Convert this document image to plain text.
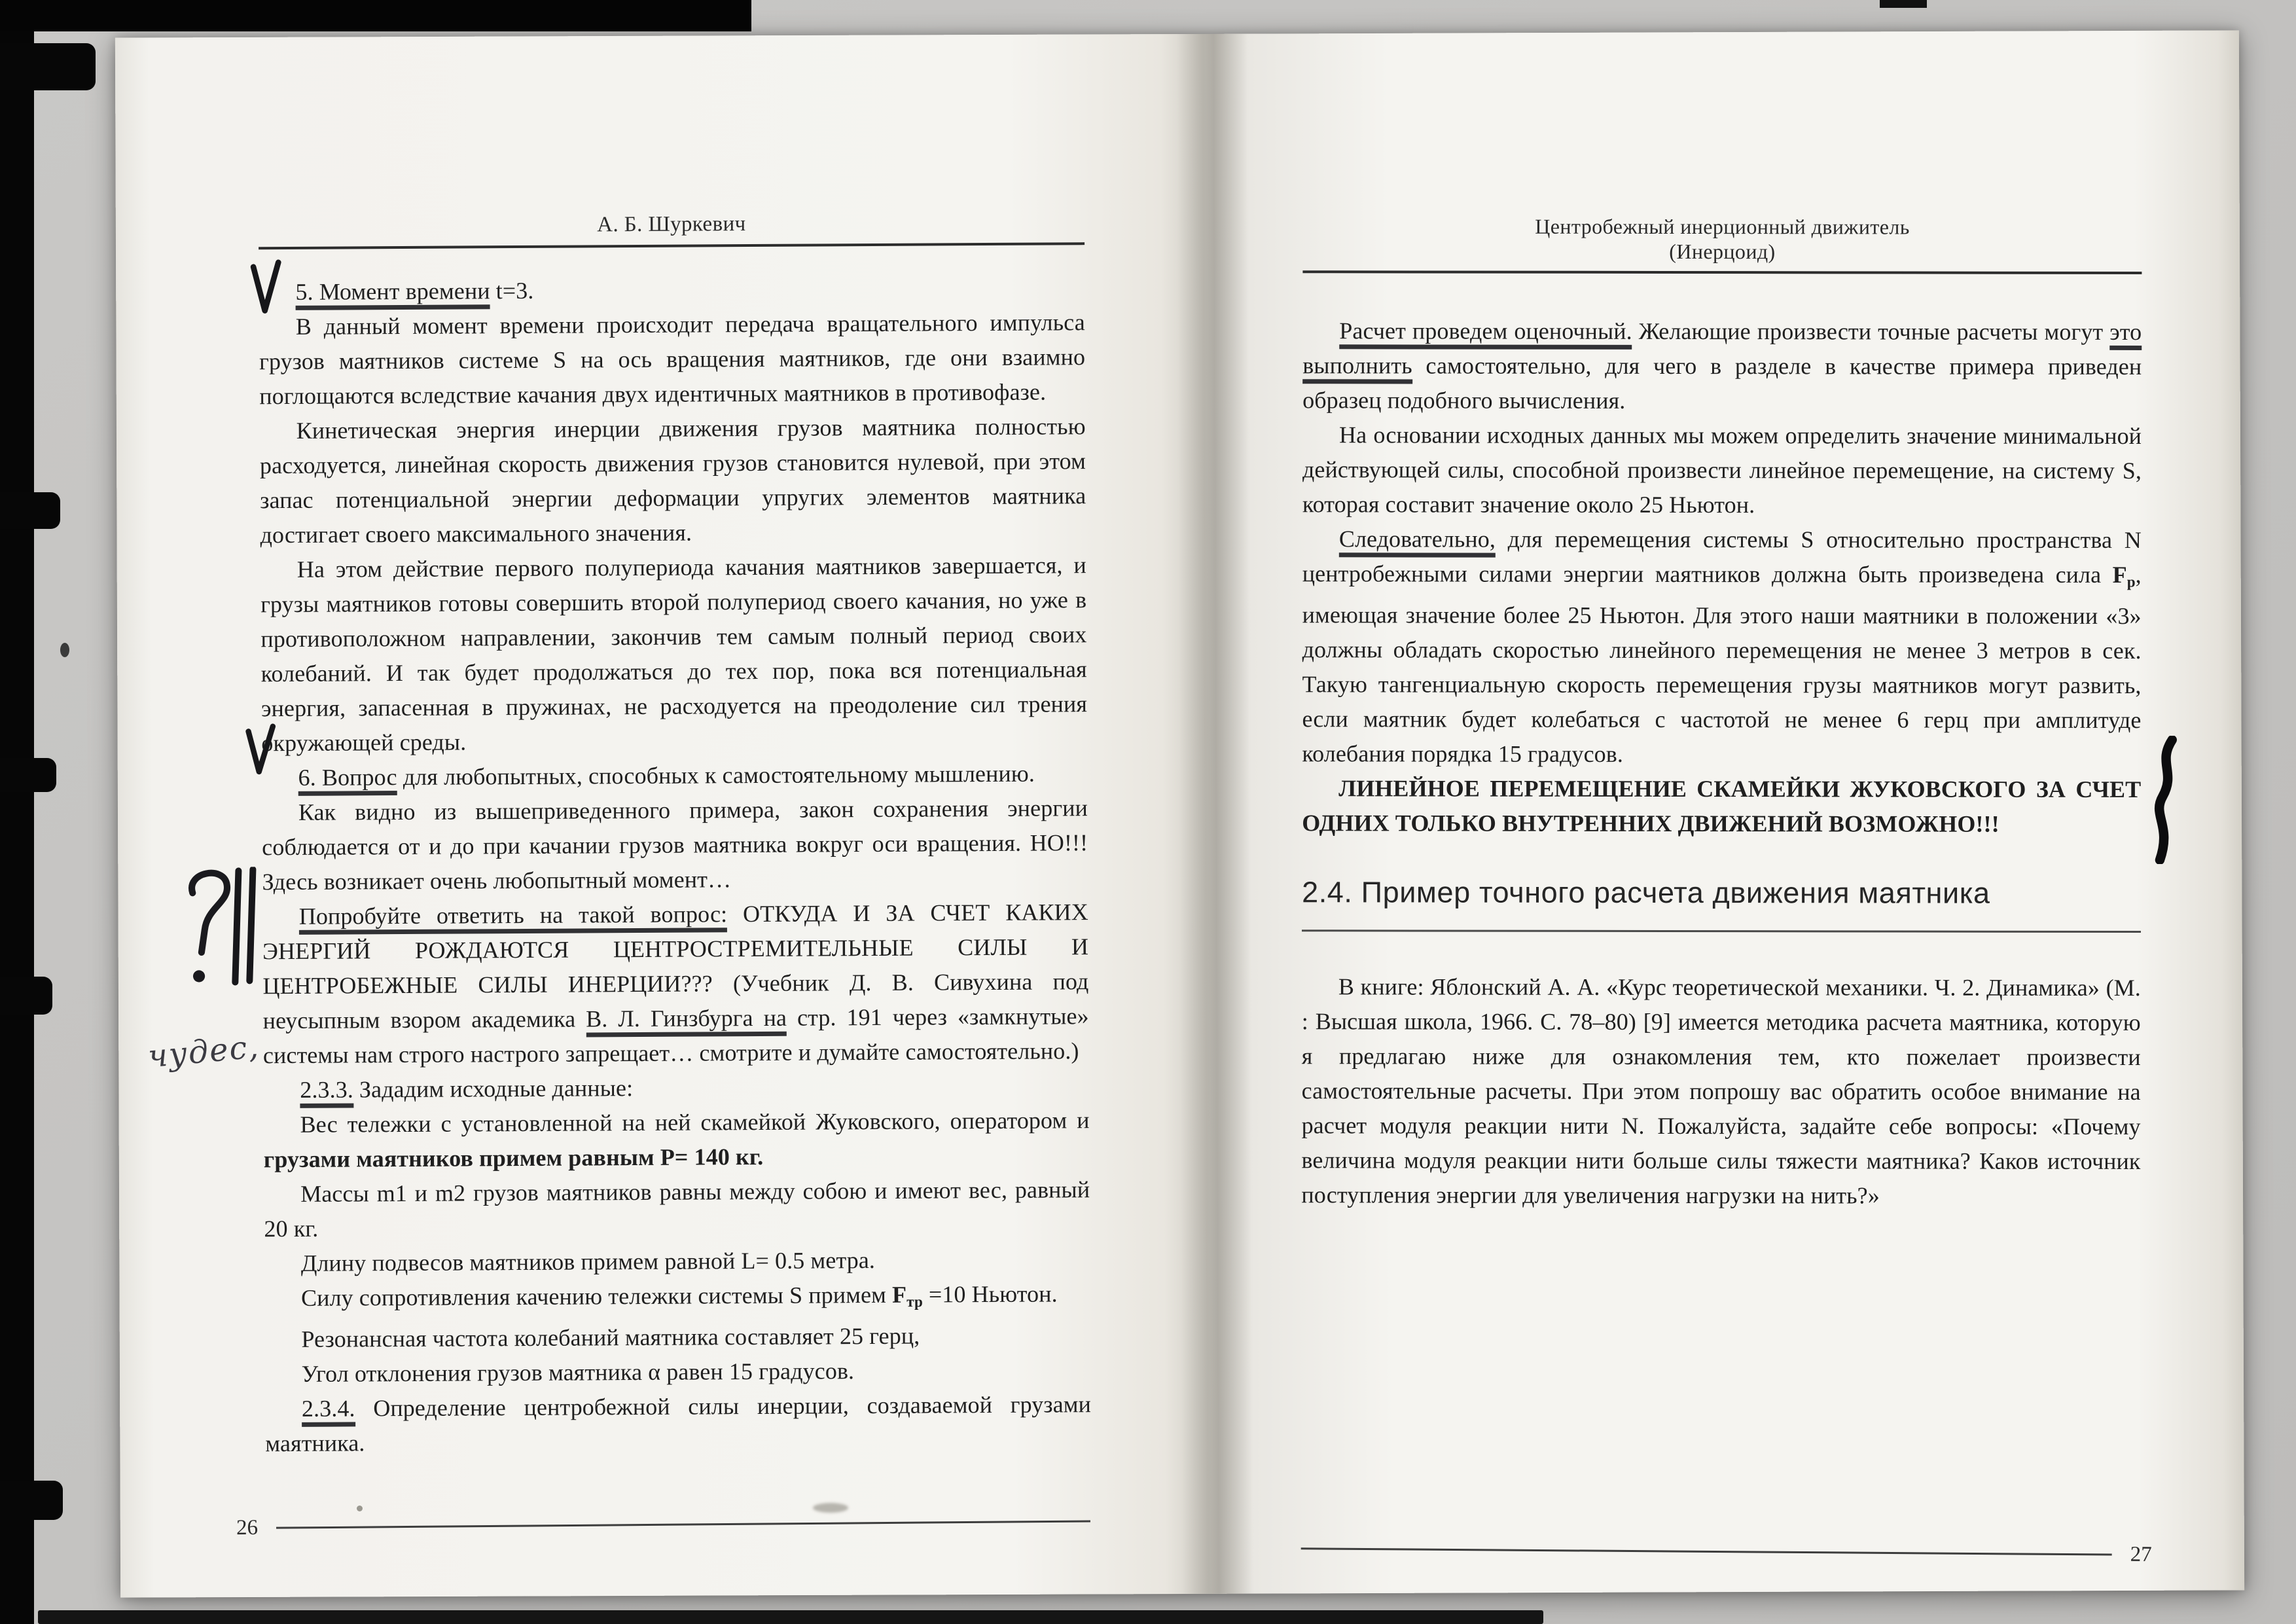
А. Б. Шуркевич

5. Момент времени t=3.

В данный момент времени происходит передача вращательного импульса грузов маятников системе S на ось вращения маятников, где они взаимно поглощаются вследствие качания двух идентичных маятников в противофазе.

Кинетическая энергия инерции движения грузов маятника полностью расходуется, линейная скорость движения грузов становится нулевой, при этом запас потенциальной энергии деформации упругих элементов маятника достигает своего максимального значения.

На этом действие первого полупериода качания маятников завершается, и грузы маятников готовы совершить второй полупериод своего качания, но уже в противоположном направлении, закончив тем самым полный период своих колебаний. И так будет продолжаться до тех пор, пока вся потенциальная энергия, запасенная в пружинах, не расходуется на преодоление сил трения окружающей среды.

6. Вопрос для любопытных, способных к самостоятельному мышлению.

Как видно из вышеприведенного примера, закон сохранения энергии соблюдается от и до при качании грузов маятника вокруг оси вращения. НО!!! Здесь возникает очень любопытный момент…

Попробуйте ответить на такой вопрос: ОТКУДА И ЗА СЧЕТ КАКИХ ЭНЕРГИЙ РОЖДАЮТСЯ ЦЕНТРОСТРЕМИТЕЛЬНЫЕ СИЛЫ И ЦЕНТРОБЕЖНЫЕ СИЛЫ ИНЕРЦИИ??? (Учебник Д. В. Сивухина под неусыпным взором академика В. Л. Гинзбурга на стр. 191 через «замкнутые» системы нам строго настрого запрещает… смотрите и думайте самостоятельно.)

2.3.3. Зададим исходные данные:

Вес тележки с установленной на ней скамейкой Жуковского, оператором и грузами маятников примем равным Р= 140 кг.

Массы m1 и m2 грузов маятников равны между собою и имеют вес, равный 20 кг.

Длину подвесов маятников примем равной L= 0.5 метра.

Силу сопротивления качению тележки системы S примем $F_{тр} =10$ Ньютон.

Резонансная частота колебаний маятника составляет 25 герц,

Угол отклонения грузов маятника α равен 15 градусов.

2.3.4. Определение центробежной силы инерции, создаваемой грузами маятника.

26
чудес,
Центробежный инерционный движитель
(Инерцоид)

Расчет проведем оценочный. Желающие произвести точные расчеты могут это выполнить самостоятельно, для чего в разделе в качестве примера приведен образец подобного вычисления.

На основании исходных данных мы можем определить значение минимальной действующей силы, способной произвести линейное перемещение, на систему S, которая составит значение около 25 Ньютон.

Следовательно, для перемещения системы S относительно пространства N центробежными силами энергии маятников должна быть произведена сила $F_р$, имеющая значение более 25 Ньютон. Для этого наши маятники в положении «3» должны обладать скоростью линейного перемещения не менее 3 метров в сек. Такую тангенциальную скорость перемещения грузы маятников могут развить, если маятник будет колебаться с частотой не менее 6 герц при амплитуде колебания порядка 15 градусов.

ЛИНЕЙНОЕ ПЕРЕМЕЩЕНИЕ СКАМЕЙКИ ЖУКОВСКОГО ЗА СЧЕТ ОДНИХ ТОЛЬКО ВНУТРЕННИХ ДВИЖЕНИЙ ВОЗМОЖНО!!!

2.4. Пример точного расчета движения маятника

В книге: Яблонский А. А. «Курс теоретической механики. Ч. 2. Динамика» (М. : Высшая школа, 1966. С. 78–80) [9] имеется методика расчета маятника, которую я предлагаю ниже для ознакомления тем, кто пожелает произвести самостоятельные расчеты. При этом попрошу вас обратить особое внимание на расчет модуля реакции нити N. Пожалуйста, задайте себе вопросы: «Почему величина модуля реакции нити больше силы тяжести маятника? Каков источник поступления энергии для увеличения нагрузки на нить?»

27
